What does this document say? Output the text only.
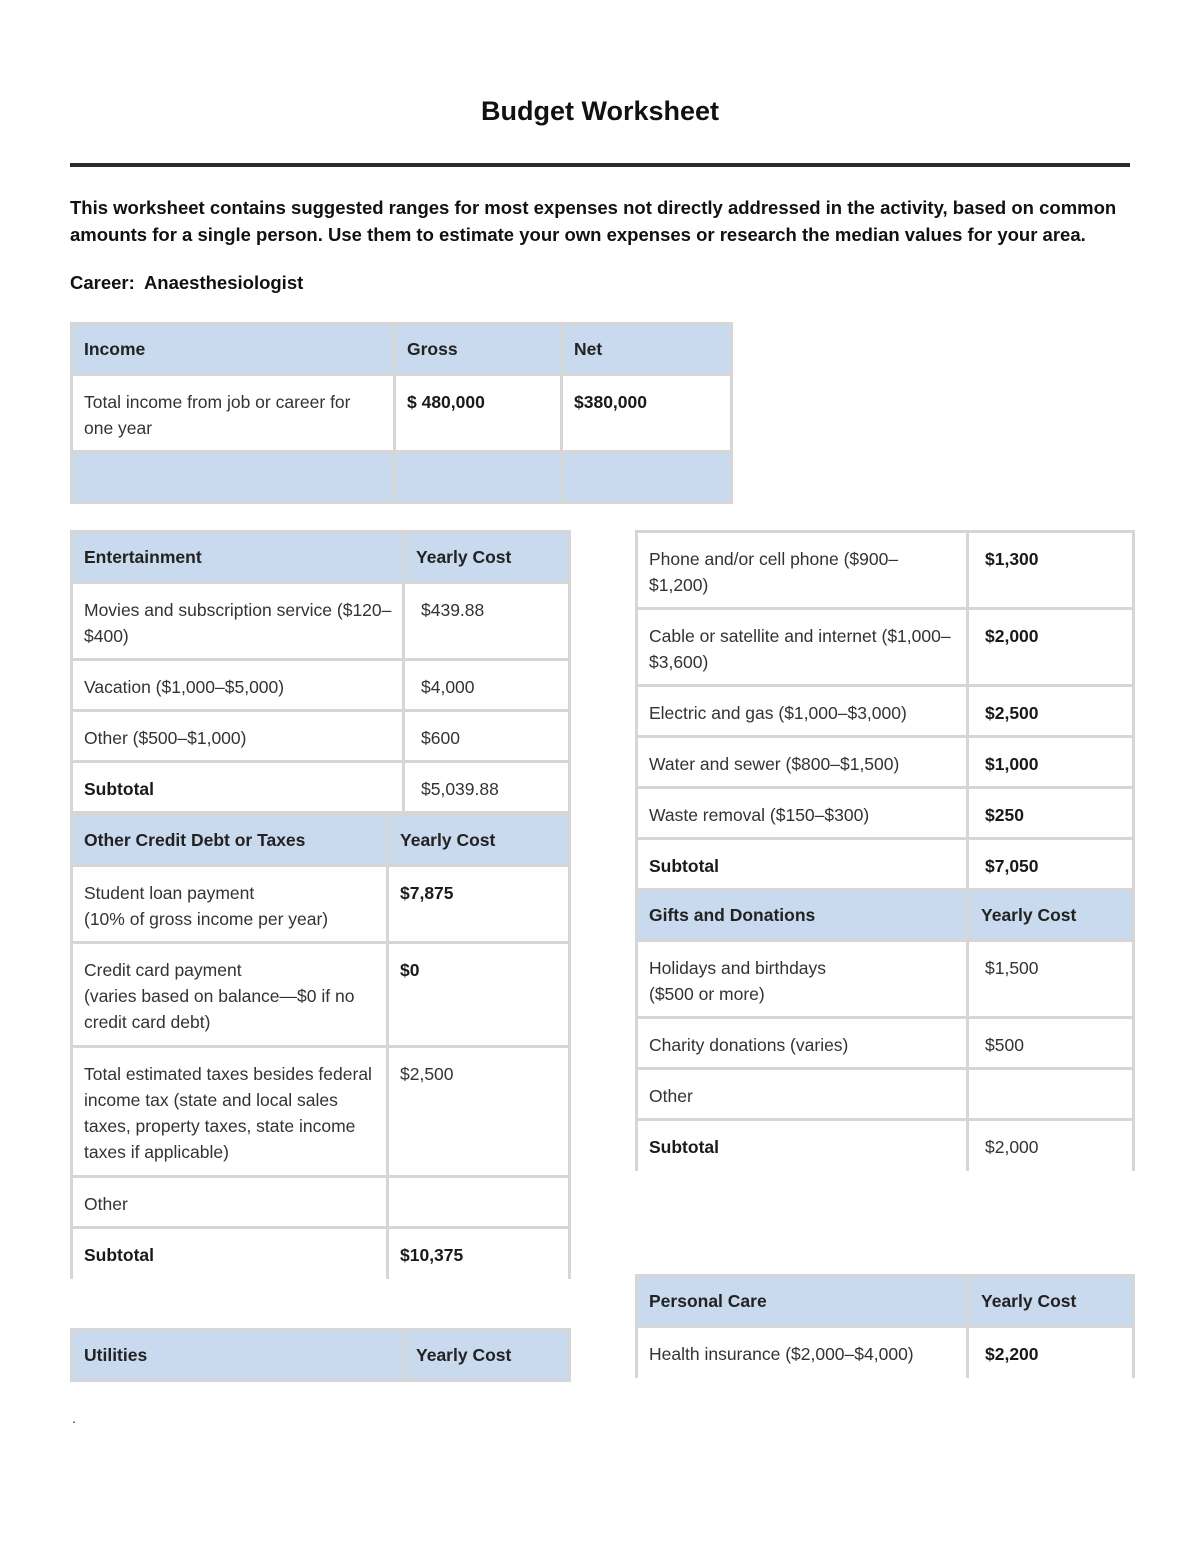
Budget Worksheet
This worksheet contains suggested ranges for most expenses not directly addressed in the activity, based on common amounts for a single person. Use them to estimate your own expenses or research the median values for your area.
Career: Anaesthesiologist
Income	Gross	Net
Total income from job or career for one year	$ 480,000	$380,000

Entertainment	Yearly Cost
Movies and subscription service ($120–$400)	$439.88
Vacation ($1,000–$5,000)	$4,000
Other ($500–$1,000)	$600
Subtotal	$5,039.88
Other Credit Debt or Taxes	Yearly Cost

Student loan payment
(10% of gross income per year)	$7,875

Credit card payment
(varies based on balance—$0 if no credit card debt)	$0
Total estimated taxes besides federal income tax (state and local sales taxes, property taxes, state income taxes if applicable)	$2,500
Other	
Subtotal	$10,375
Utilities	Yearly Cost
Phone and/or cell phone ($900–$1,200)	$1,300
Cable or satellite and internet ($1,000–$3,600)	$2,000
Electric and gas ($1,000–$3,000)	$2,500
Water and sewer ($800–$1,500)	$1,000
Waste removal ($150–$300)	$250
Subtotal	$7,050
Gifts and Donations	Yearly Cost

Holidays and birthdays
($500 or more)	$1,500
Charity donations (varies)	$500
Other	
Subtotal	$2,000
Personal Care	Yearly Cost
Health insurance ($2,000–$4,000)	$2,200
.
